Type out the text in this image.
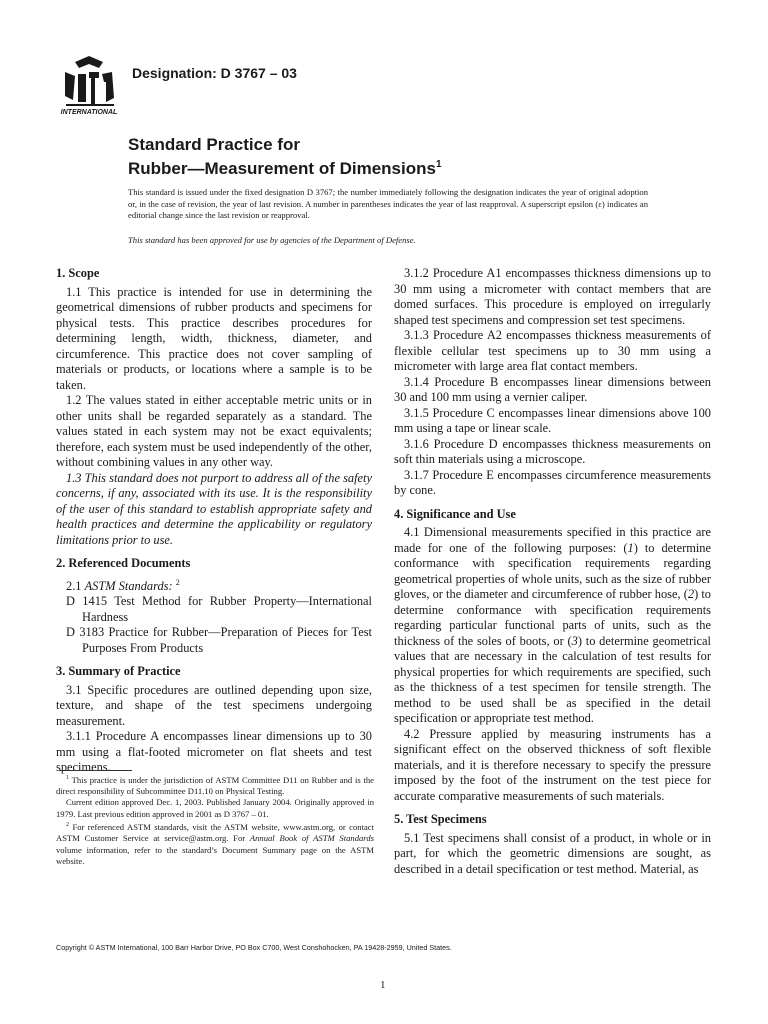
INTERNATIONAL
Designation: D 3767 – 03
Standard Practice for
Rubber—Measurement of Dimensions$^1$

This standard is issued under the fixed designation D 3767; the number immediately following the designation indicates the year of original adoption or, in the case of revision, the year of last revision. A number in parentheses indicates the year of last reapproval. A superscript epsilon (ε) indicates an editorial change since the last revision or reapproval.

This standard has been approved for use by agencies of the Department of Defense.

1. Scope

1.1 This practice is intended for use in determining the geometrical dimensions of rubber products and specimens for physical tests. This practice describes procedures for determining length, width, thickness, diameter, and circumference. This practice does not cover sampling of materials or products, or locations where a sample is to be taken.

1.2 The values stated in either acceptable metric units or in other units shall be regarded separately as a standard. The values stated in each system may not be exact equivalents; therefore, each system must be used independently of the other, without combining values in any other way.

1.3 This standard does not purport to address all of the safety concerns, if any, associated with its use. It is the responsibility of the user of this standard to establish appropriate safety and health practices and determine the applicability or regulatory limitations prior to use.

2. Referenced Documents

2.1 ASTM Standards: $^2$

D 1415 Test Method for Rubber Property—International Hardness

D 3183 Practice for Rubber—Preparation of Pieces for Test Purposes From Products

3. Summary of Practice

3.1 Specific procedures are outlined depending upon size, texture, and shape of the test specimens undergoing measurement.

3.1.1 Procedure A encompasses linear dimensions up to 30 mm using a flat-footed micrometer on flat sheets and test specimens.

$^1$ This practice is under the jurisdiction of ASTM Committee D11 on Rubber and is the direct responsibility of Subcommittee D11.10 on Physical Testing.

Current edition approved Dec. 1, 2003. Published January 2004. Originally approved in 1979. Last previous edition approved in 2001 as D 3767 – 01.

$^2$ For referenced ASTM standards, visit the ASTM website, www.astm.org, or contact ASTM Customer Service at service@astm.org. For Annual Book of ASTM Standards volume information, refer to the standard’s Document Summary page on the ASTM website.

3.1.2 Procedure A1 encompasses thickness dimensions up to 30 mm using a micrometer with contact members that are domed surfaces. This procedure is employed on irregularly shaped test specimens and compression set test specimens.

3.1.3 Procedure A2 encompasses thickness measurements of flexible cellular test specimens up to 30 mm using a micrometer with large area flat contact members.

3.1.4 Procedure B encompasses linear dimensions between 30 and 100 mm using a vernier caliper.

3.1.5 Procedure C encompasses linear dimensions above 100 mm using a tape or linear scale.

3.1.6 Procedure D encompasses thickness measurements on soft thin materials using a microscope.

3.1.7 Procedure E encompasses circumference measurements by cone.

4. Significance and Use

4.1 Dimensional measurements specified in this practice are made for one of the following purposes: (1) to determine conformance with specification requirements regarding geometrical properties of whole units, such as the size of rubber gloves, or the diameter and circumference of rubber hose, (2) to determine conformance with specification requirements regarding particular functional parts of units, such as the thickness of the soles of boots, or (3) to determine geometrical values that are necessary in the calculation of test results for physical properties for which requirements are specified, such as the thickness of a test specimen for tensile strength. The method to be used shall be as specified in the detail specification or appropriate test method.

4.2 Pressure applied by measuring instruments has a significant effect on the observed thickness of soft flexible materials, and it is therefore necessary to specify the pressure imposed by the foot of the instrument on the test piece for accurate comparative measurements of such materials.

5. Test Specimens

5.1 Test specimens shall consist of a product, in whole or in part, for which the geometric dimensions are sought, as described in a detail specification or test method. Material, as

Copyright © ASTM International, 100 Barr Harbor Drive, PO Box C700, West Conshohocken, PA 19428-2959, United States.
1
